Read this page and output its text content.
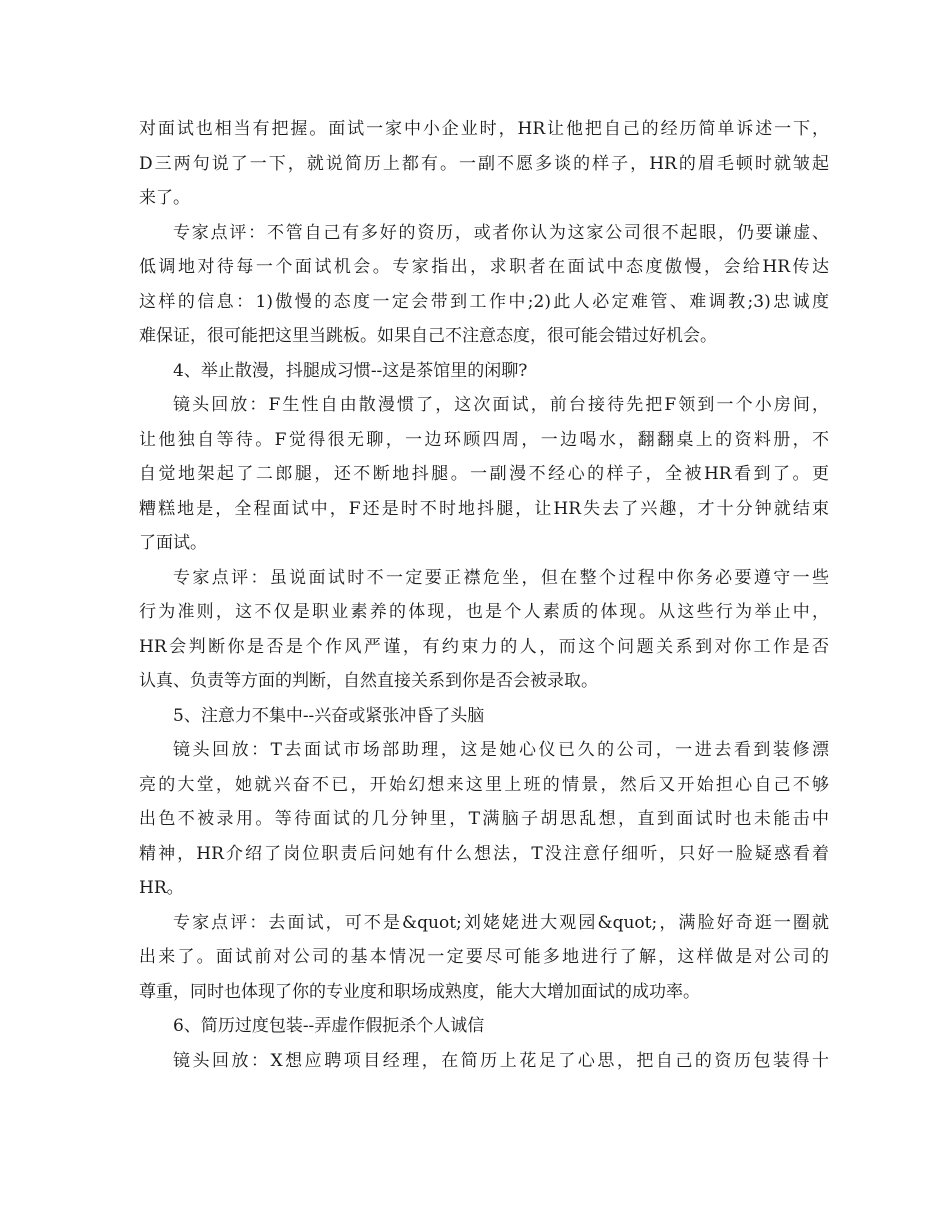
对面试也相当有把握。面试一家中小企业时，HR让他把自己的经历简单诉述一下，
D三两句说了一下，就说简历上都有。一副不愿多谈的样子，HR的眉毛顿时就皱起
来了。
专家点评：不管自己有多好的资历，或者你认为这家公司很不起眼，仍要谦虚、
低调地对待每一个面试机会。专家指出，求职者在面试中态度傲慢，会给HR传达
这样的信息：1)傲慢的态度一定会带到工作中;2)此人必定难管、难调教;3)忠诚度
难保证，很可能把这里当跳板。如果自己不注意态度，很可能会错过好机会。
4、举止散漫，抖腿成习惯--这是茶馆里的闲聊?
镜头回放：F生性自由散漫惯了，这次面试，前台接待先把F领到一个小房间，
让他独自等待。F觉得很无聊，一边环顾四周，一边喝水，翻翻桌上的资料册，不
自觉地架起了二郎腿，还不断地抖腿。一副漫不经心的样子，全被HR看到了。更
糟糕地是，全程面试中，F还是时不时地抖腿，让HR失去了兴趣，才十分钟就结束
了面试。
专家点评：虽说面试时不一定要正襟危坐，但在整个过程中你务必要遵守一些
行为准则，这不仅是职业素养的体现，也是个人素质的体现。从这些行为举止中，
HR会判断你是否是个作风严谨，有约束力的人，而这个问题关系到对你工作是否
认真、负责等方面的判断，自然直接关系到你是否会被录取。
5、注意力不集中--兴奋或紧张冲昏了头脑
镜头回放：T去面试市场部助理，这是她心仪已久的公司，一进去看到装修漂
亮的大堂，她就兴奋不已，开始幻想来这里上班的情景，然后又开始担心自己不够
出色不被录用。等待面试的几分钟里，T满脑子胡思乱想，直到面试时也未能击中
精神，HR介绍了岗位职责后问她有什么想法，T没注意仔细听，只好一脸疑惑看着
HR。
专家点评：去面试，可不是&quot;刘姥姥进大观园&quot;，满脸好奇逛一圈就
出来了。面试前对公司的基本情况一定要尽可能多地进行了解，这样做是对公司的
尊重，同时也体现了你的专业度和职场成熟度，能大大增加面试的成功率。
6、简历过度包装--弄虚作假扼杀个人诚信
镜头回放：X想应聘项目经理，在简历上花足了心思，把自己的资历包装得十
